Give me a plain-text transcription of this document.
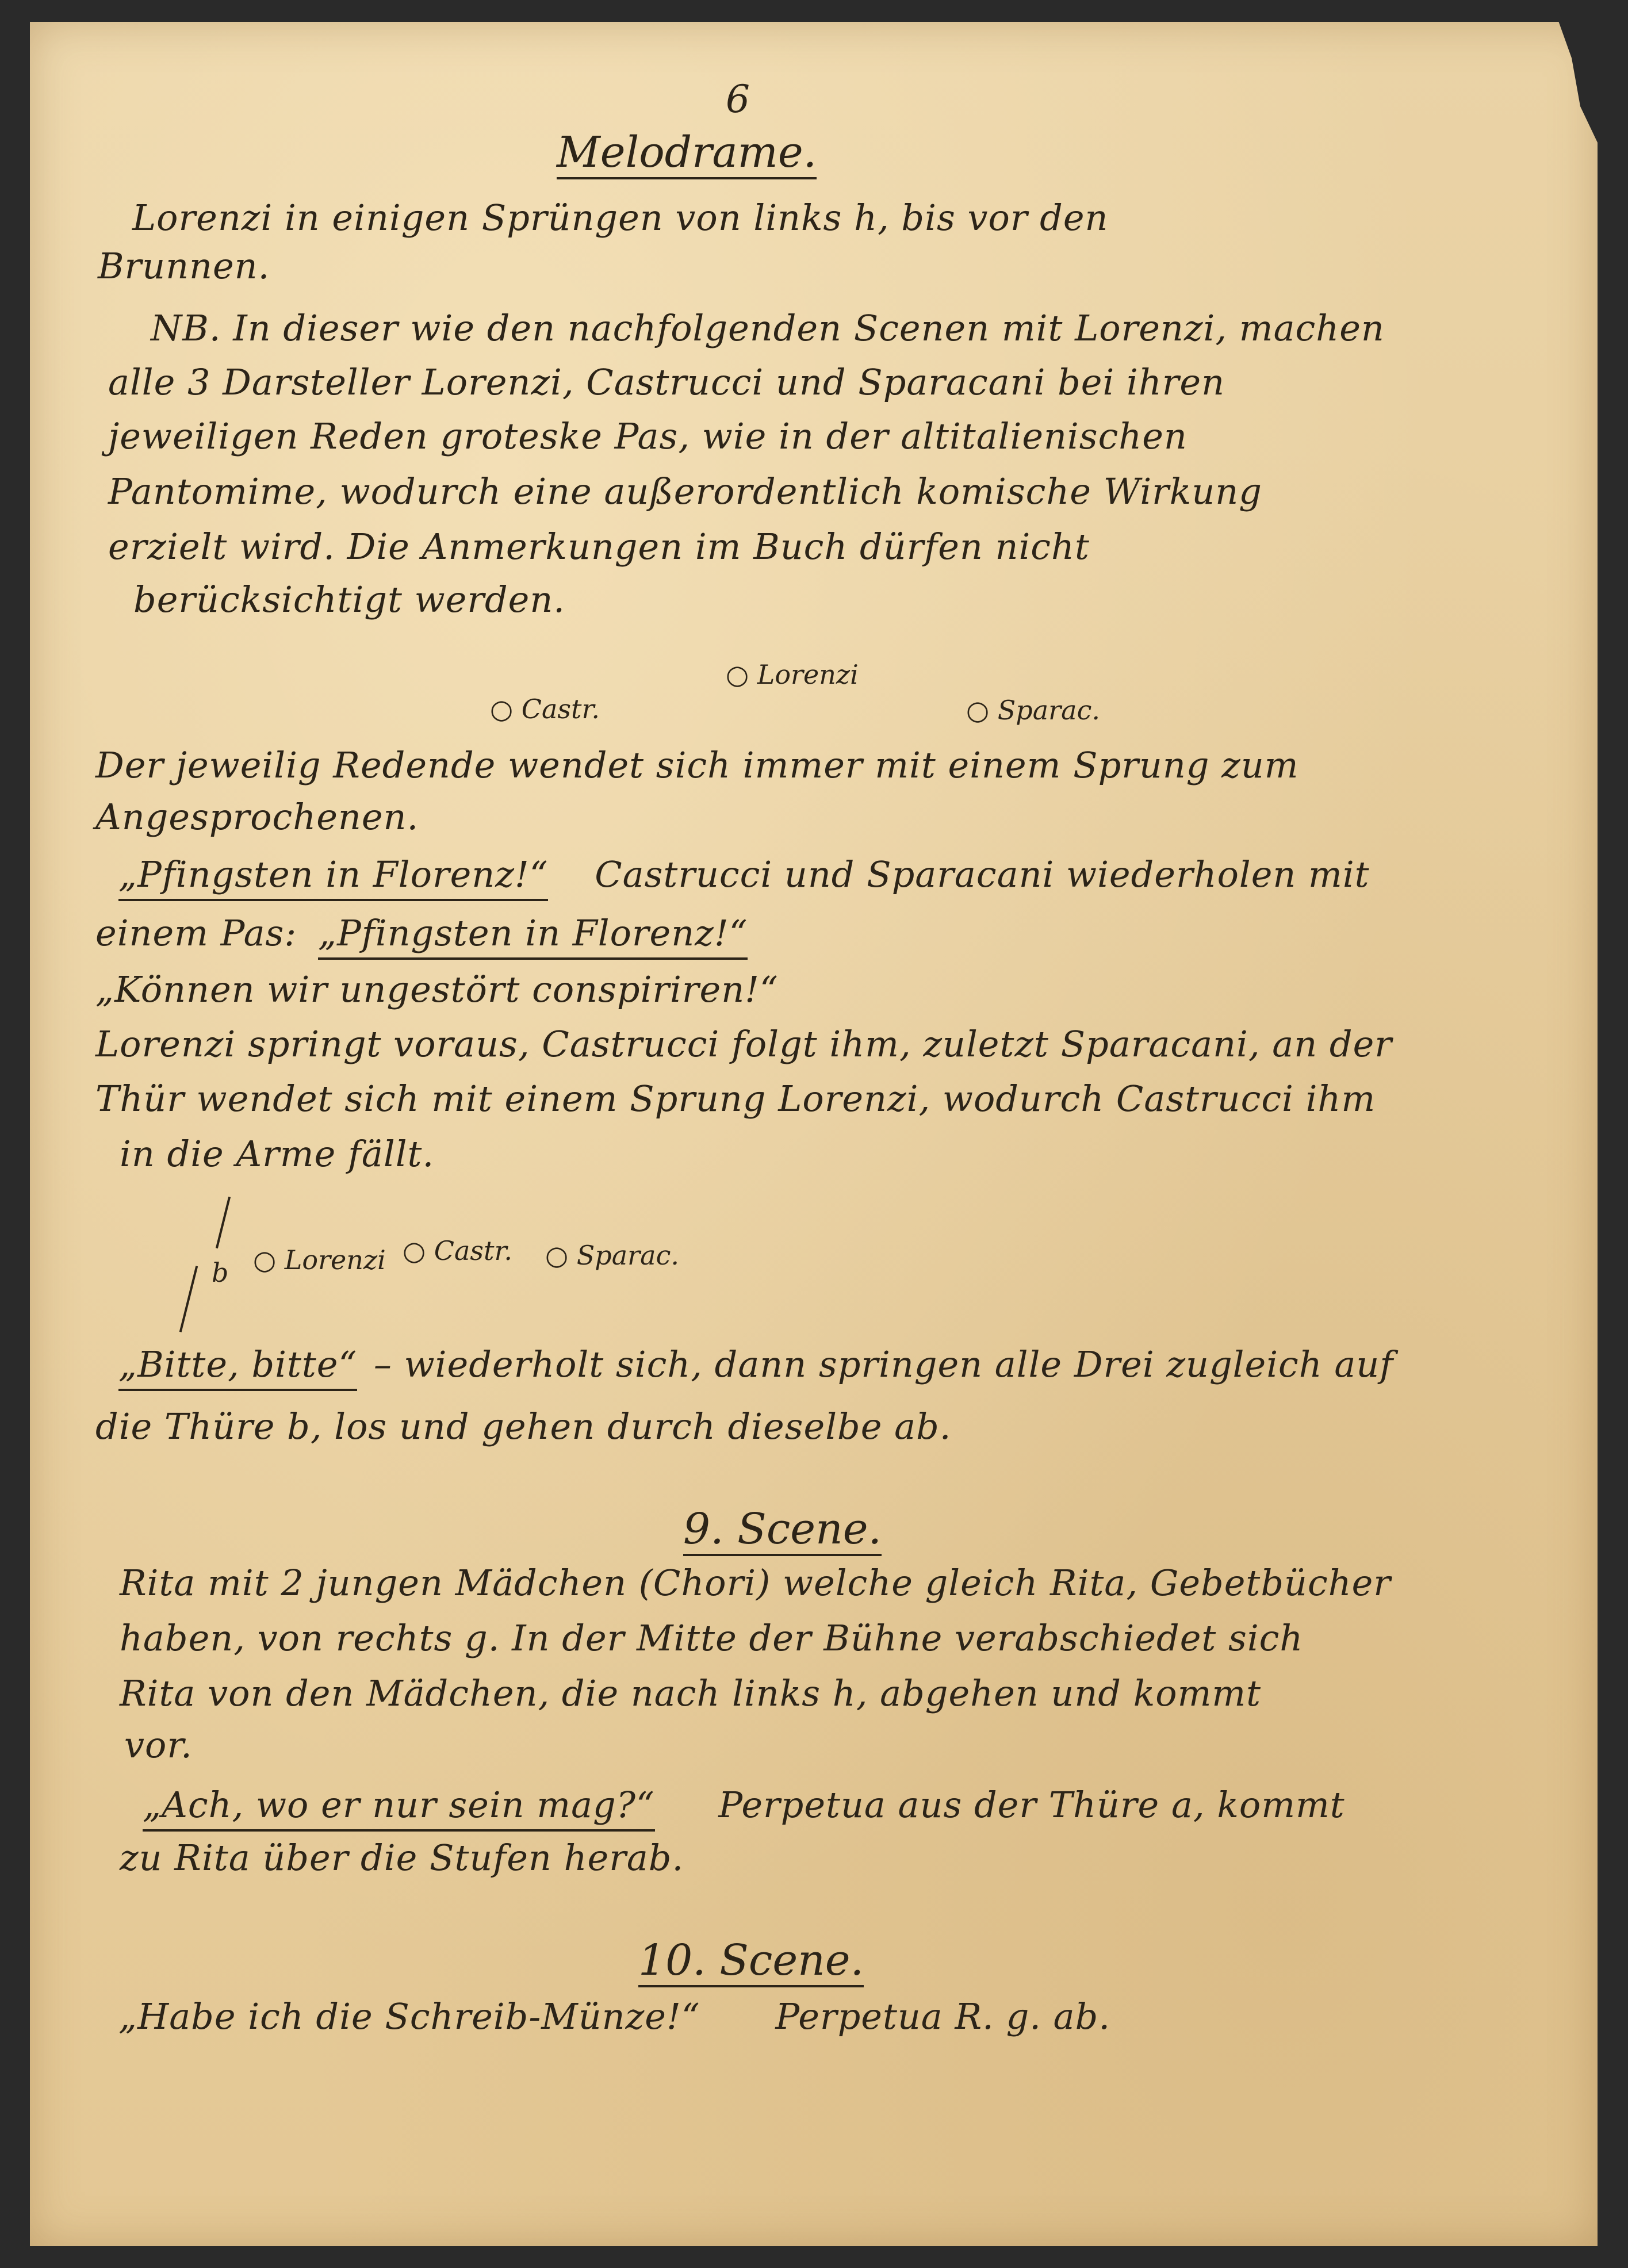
6
Melodrame.
Lorenzi in einigen Sprüngen von links h, bis vor den
Brunnen.
NB. In dieser wie den nachfolgenden Scenen mit Lorenzi, machen
alle 3 Darsteller Lorenzi, Castrucci und Sparacani bei ihren
jeweiligen Reden groteske Pas, wie in der altitalienischen
Pantomime, wodurch eine außerordentlich komische Wirkung
erzielt wird. Die Anmerkungen im Buch dürfen nicht
berücksichtigt werden.
○ Castr.
○ Lorenzi
○ Sparac.
Der jeweilig Redende wendet sich immer mit einem Sprung zum
Angesprochenen.
„Pfingsten in Florenz!“ Castrucci und Sparacani wiederholen mit
einem Pas: „Pfingsten in Florenz!“
„Können wir ungestört conspiriren!“
Lorenzi springt voraus, Castrucci folgt ihm, zuletzt Sparacani, an der
Thür wendet sich mit einem Sprung Lorenzi, wodurch Castrucci ihm
in die Arme fällt.
b ○ Lorenzi ○ Castr. ○ Sparac.
„Bitte, bitte“ – wiederholt sich, dann springen alle Drei zugleich auf
die Thüre b, los und gehen durch dieselbe ab.
9. Scene.
Rita mit 2 jungen Mädchen (Chori) welche gleich Rita, Gebetbücher
haben, von rechts g. In der Mitte der Bühne verabschiedet sich
Rita von den Mädchen, die nach links h, abgehen und kommt
vor.
„Ach, wo er nur sein mag?“ Perpetua aus der Thüre a, kommt
zu Rita über die Stufen herab.
10. Scene.
„Habe ich die Schreib-Münze!“ Perpetua R. g. ab.
